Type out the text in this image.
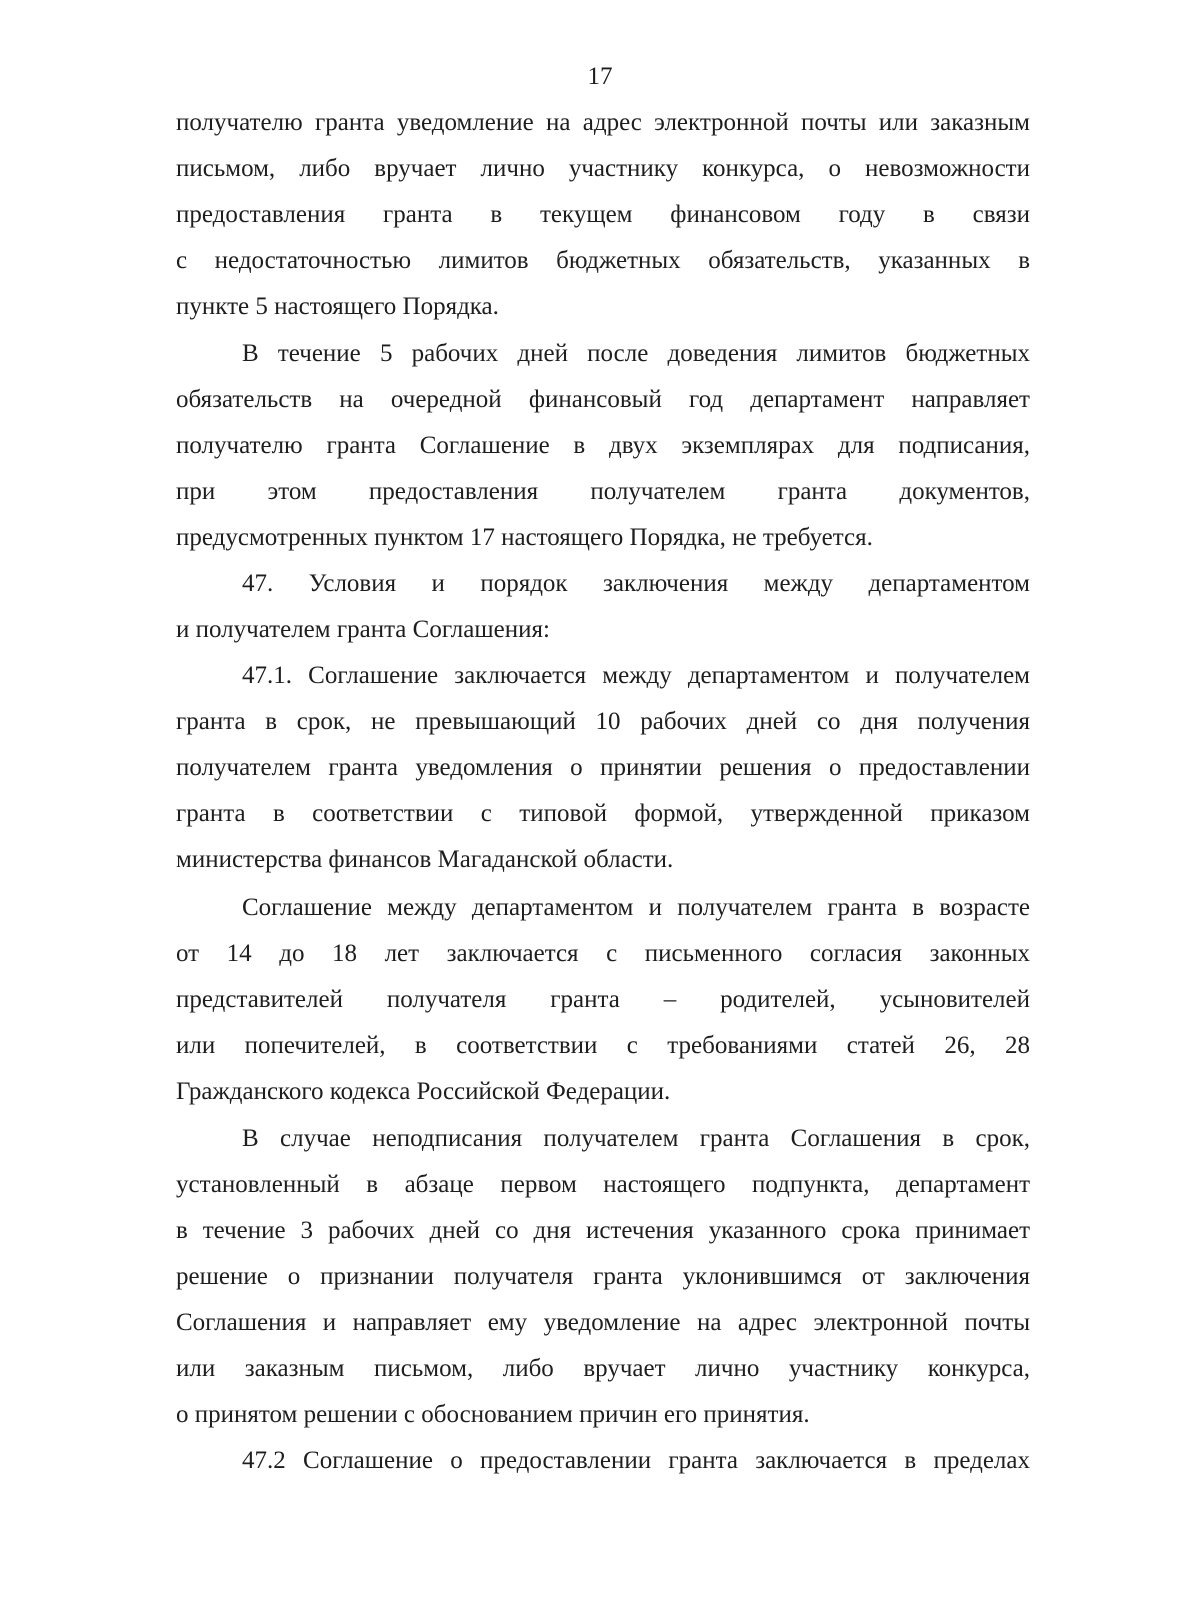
17
получателю гранта уведомление на адрес электронной почты или заказным
письмом, либо вручает лично участнику конкурса, о невозможности
предоставления гранта в текущем финансовом году в связи
с недостаточностью лимитов бюджетных обязательств, указанных в
пункте 5 настоящего Порядка.
В течение 5 рабочих дней после доведения лимитов бюджетных
обязательств на очередной финансовый год департамент направляет
получателю гранта Соглашение в двух экземплярах для подписания,
при этом предоставления получателем гранта документов,
предусмотренных пунктом 17 настоящего Порядка, не требуется.
47. Условия и порядок заключения между департаментом
и получателем гранта Соглашения:
47.1. Соглашение заключается между департаментом и получателем
гранта в срок, не превышающий 10 рабочих дней со дня получения
получателем гранта уведомления о принятии решения о предоставлении
гранта в соответствии с типовой формой, утвержденной приказом
министерства финансов Магаданской области.
Соглашение между департаментом и получателем гранта в возрасте
от 14 до 18 лет заключается с письменного согласия законных
представителей получателя гранта – родителей, усыновителей
или попечителей, в соответствии с требованиями статей 26, 28
Гражданского кодекса Российской Федерации.
В случае неподписания получателем гранта Соглашения в срок,
установленный в абзаце первом настоящего подпункта, департамент
в течение 3 рабочих дней со дня истечения указанного срока принимает
решение о признании получателя гранта уклонившимся от заключения
Соглашения и направляет ему уведомление на адрес электронной почты
или заказным письмом, либо вручает лично участнику конкурса,
о принятом решении с обоснованием причин его принятия.
47.2 Соглашение о предоставлении гранта заключается в пределах
